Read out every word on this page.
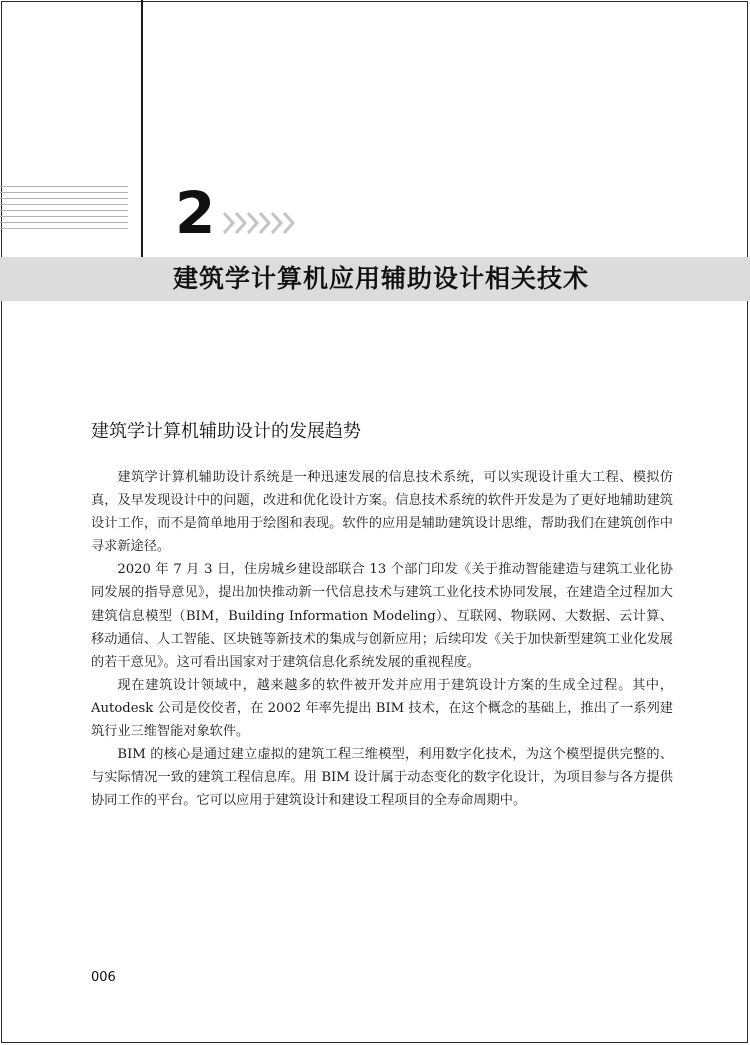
2
建筑学计算机应用辅助设计相关技术
建筑学计算机辅助设计的发展趋势

建筑学计算机辅助设计系统是一种迅速发展的信息技术系统，可以实现设计重大工程、模拟仿真，及早发现设计中的问题，改进和优化设计方案。信息技术系统的软件开发是为了更好地辅助建筑设计工作，而不是简单地用于绘图和表现。软件的应用是辅助建筑设计思维，帮助我们在建筑创作中寻求新途径。

2020 年 7 月 3 日，住房城乡建设部联合 13 个部门印发《关于推动智能建造与建筑工业化协同发展的指导意见》，提出加快推动新一代信息技术与建筑工业化技术协同发展，在建造全过程加大建筑信息模型（BIM，Building Information Modeling）、互联网、物联网、大数据、云计算、移动通信、人工智能、区块链等新技术的集成与创新应用；后续印发《关于加快新型建筑工业化发展的若干意见》。这可看出国家对于建筑信息化系统发展的重视程度。

现在建筑设计领域中，越来越多的软件被开发并应用于建筑设计方案的生成全过程。其中，Autodesk 公司是佼佼者，在 2002 年率先提出 BIM 技术，在这个概念的基础上，推出了一系列建筑行业三维智能对象软件。

BIM 的核心是通过建立虚拟的建筑工程三维模型，利用数字化技术，为这个模型提供完整的、与实际情况一致的建筑工程信息库。用 BIM 设计属于动态变化的数字化设计，为项目参与各方提供协同工作的平台。它可以应用于建筑设计和建设工程项目的全寿命周期中。

006
